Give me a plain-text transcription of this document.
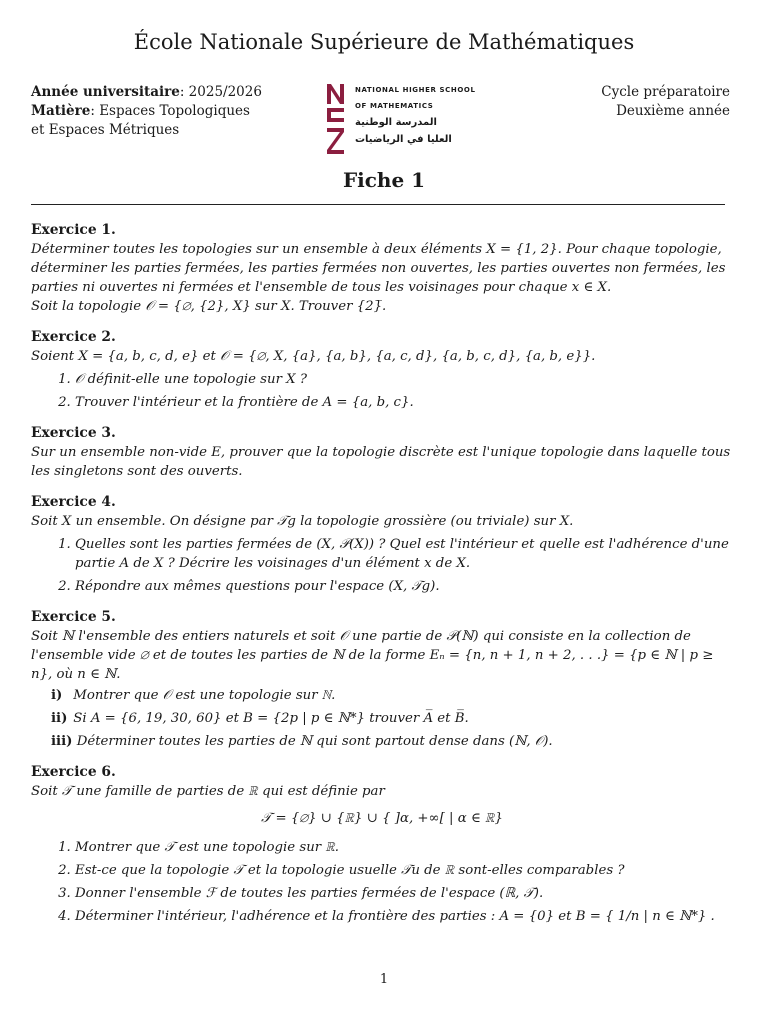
École Nationale Supérieure de Mathématiques
Année universitaire: 2025/2026
Matière: Espaces Topologiques
et Espaces Métriques
NATIONAL HIGHER SCHOOL
OF MATHEMATICS
المدرسة الوطنية
العليا في الرياضيات
Cycle préparatoire
Deuxième année
Fiche 1
Exercice 1.
Déterminer toutes les topologies sur un ensemble à deux éléments X = {1, 2}. Pour chaque topologie, déterminer les parties fermées, les parties fermées non ouvertes, les parties ouvertes non fermées, les parties ni ouvertes ni fermées et l'ensemble de tous les voisinages pour chaque x ∈ X.
Soit la topologie 𝒪 = {∅, {2}, X} sur X. Trouver {2}̅.
Exercice 2.
Soient X = {a, b, c, d, e} et 𝒪 = {∅, X, {a}, {a, b}, {a, c, d}, {a, b, c, d}, {a, b, e}}.
1. 𝒪 définit-elle une topologie sur X ?
2. Trouver l'intérieur et la frontière de A = {a, b, c}.
Exercice 3.
Sur un ensemble non-vide E, prouver que la topologie discrète est l'unique topologie dans laquelle tous les singletons sont des ouverts.
Exercice 4.
Soit X un ensemble. On désigne par 𝒯g la topologie grossière (ou triviale) sur X.
1. Quelles sont les parties fermées de (X, 𝒫(X)) ? Quel est l'intérieur et quelle est l'adhérence d'une partie A de X ? Décrire les voisinages d'un élément x de X.
2. Répondre aux mêmes questions pour l'espace (X, 𝒯g).
Exercice 5.
Soit ℕ l'ensemble des entiers naturels et soit 𝒪 une partie de 𝒫(ℕ) qui consiste en la collection de l'ensemble vide ∅ et de toutes les parties de ℕ de la forme Eₙ = {n, n + 1, n + 2, . . .} = {p ∈ ℕ | p ≥ n}, où n ∈ ℕ.
i) Montrer que 𝒪 est une topologie sur ℕ.
ii) Si A = {6, 19, 30, 60} et B = {2p | p ∈ ℕ*} trouver A̅ et B̅.
iii) Déterminer toutes les parties de ℕ qui sont partout dense dans (ℕ, 𝒪).
Exercice 6.
Soit 𝒯 une famille de parties de ℝ qui est définie par
𝒯 = {∅} ∪ {ℝ} ∪ { ]α, +∞[ | α ∈ ℝ}
1. Montrer que 𝒯 est une topologie sur ℝ.
2. Est-ce que la topologie 𝒯 et la topologie usuelle 𝒯u de ℝ sont-elles comparables ?
3. Donner l'ensemble ℱ de toutes les parties fermées de l'espace (ℝ, 𝒯).
4. Déterminer l'intérieur, l'adhérence et la frontière des parties : A = {0} et B = { 1/n | n ∈ ℕ*} .
1
